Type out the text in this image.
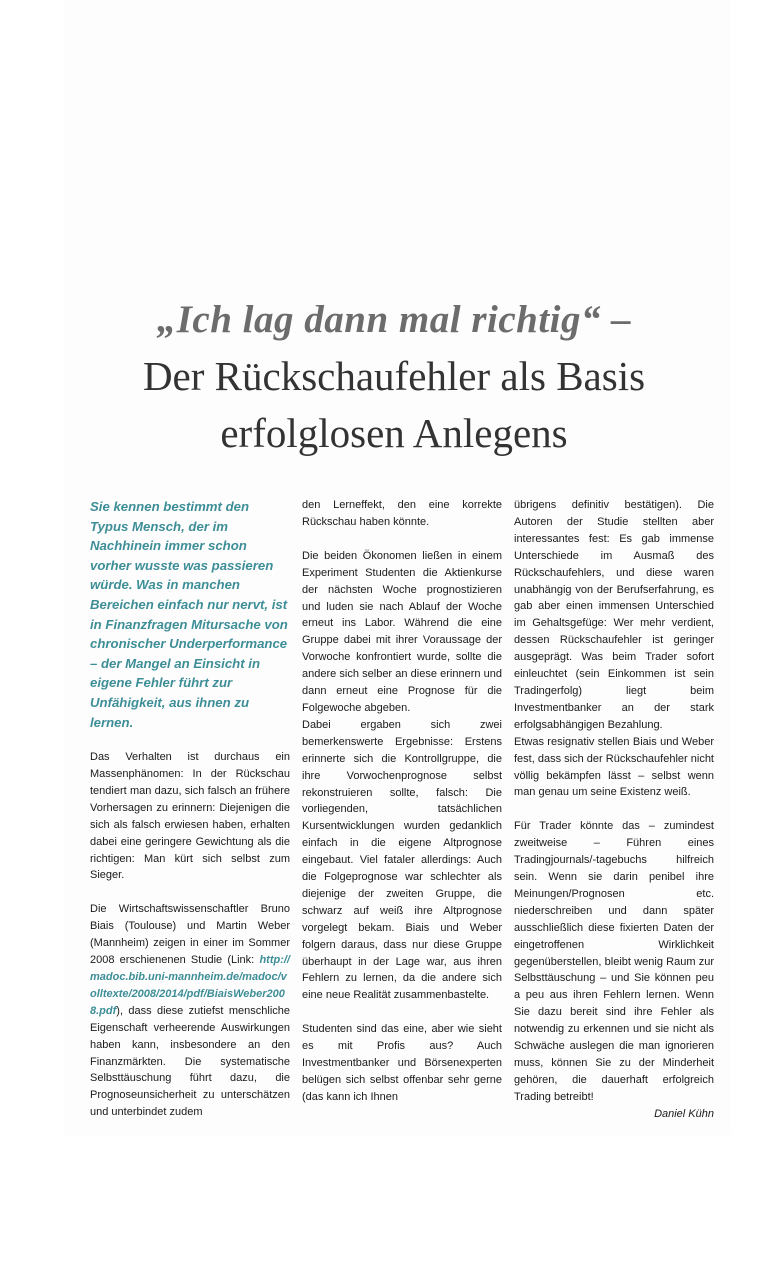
„Ich lag dann mal richtig“ –
Der Rückschaufehler als Basis
erfolglosen Anlegens

Sie kennen bestimmt den Typus Mensch, der im Nachhinein immer schon vorher wusste was passieren würde. Was in manchen Bereichen einfach nur nervt, ist in Finanzfragen Mitursache von chronischer Underperformance – der Mangel an Einsicht in eigene Fehler führt zur Unfähigkeit, aus ihnen zu lernen.

Das Verhalten ist durchaus ein Massenphänomen: In der Rückschau tendiert man dazu, sich falsch an frühere Vorhersagen zu erinnern: Diejenigen die sich als falsch erwiesen haben, erhalten dabei eine geringere Gewichtung als die richtigen: Man kürt sich selbst zum Sieger.

Die Wirtschaftswissenschaftler Bruno Biais (Toulouse) und Martin Weber (Mannheim) zeigen in einer im Sommer 2008 erschienenen Studie (Link: http://madoc.bib.uni-mannheim.de/madoc/volltexte/2008/2014/pdf/BiaisWeber2008.pdf), dass diese zutiefst menschliche Eigenschaft verheerende Auswirkungen haben kann, insbesondere an den Finanzmärkten. Die systematische Selbsttäuschung führt dazu, die Prognoseunsicherheit zu unterschätzen und unterbindet zudem

den Lerneffekt, den eine korrekte Rückschau haben könnte.

Die beiden Ökonomen ließen in einem Experiment Studenten die Aktienkurse der nächsten Woche prognostizieren und luden sie nach Ablauf der Woche erneut ins Labor. Während die eine Gruppe dabei mit ihrer Voraussage der Vorwoche konfrontiert wurde, sollte die andere sich selber an diese erinnern und dann erneut eine Prognose für die Folgewoche abgeben.

Dabei ergaben sich zwei bemerkenswerte Ergebnisse: Erstens erinnerte sich die Kontrollgruppe, die ihre Vorwochenprognose selbst rekonstruieren sollte, falsch: Die vorliegenden, tatsächlichen Kursentwicklungen wurden gedanklich einfach in die eigene Altprognose eingebaut. Viel fataler allerdings: Auch die Folgeprognose war schlechter als diejenige der zweiten Gruppe, die schwarz auf weiß ihre Altprognose vorgelegt bekam. Biais und Weber folgern daraus, dass nur diese Gruppe überhaupt in der Lage war, aus ihren Fehlern zu lernen, da die andere sich eine neue Realität zusammenbastelte.

Studenten sind das eine, aber wie sieht es mit Profis aus? Auch Investmentbanker und Börsenexperten belügen sich selbst offenbar sehr gerne (das kann ich Ihnen

übrigens definitiv bestätigen). Die Autoren der Studie stellten aber interessantes fest: Es gab immense Unterschiede im Ausmaß des Rückschaufehlers, und diese waren unabhängig von der Berufserfahrung, es gab aber einen immensen Unterschied im Gehaltsgefüge: Wer mehr verdient, dessen Rückschaufehler ist geringer ausgeprägt. Was beim Trader sofort einleuchtet (sein Einkommen ist sein Tradingerfolg) liegt beim Investmentbanker an der stark erfolgsabhängigen Bezahlung.

Etwas resignativ stellen Biais und Weber fest, dass sich der Rückschaufehler nicht völlig bekämpfen lässt – selbst wenn man genau um seine Existenz weiß.

Für Trader könnte das – zumindest zweitweise – Führen eines Tradingjournals/-tagebuchs hilfreich sein. Wenn sie darin penibel ihre Meinungen/Prognosen etc. niederschreiben und dann später ausschließlich diese fixierten Daten der eingetroffenen Wirklichkeit gegenüberstellen, bleibt wenig Raum zur Selbsttäuschung – und Sie können peu a peu aus ihren Fehlern lernen. Wenn Sie dazu bereit sind ihre Fehler als notwendig zu erkennen und sie nicht als Schwäche auslegen die man ignorieren muss, können Sie zu der Minderheit gehören, die dauerhaft erfolgreich Trading betreibt!

Daniel Kühn
